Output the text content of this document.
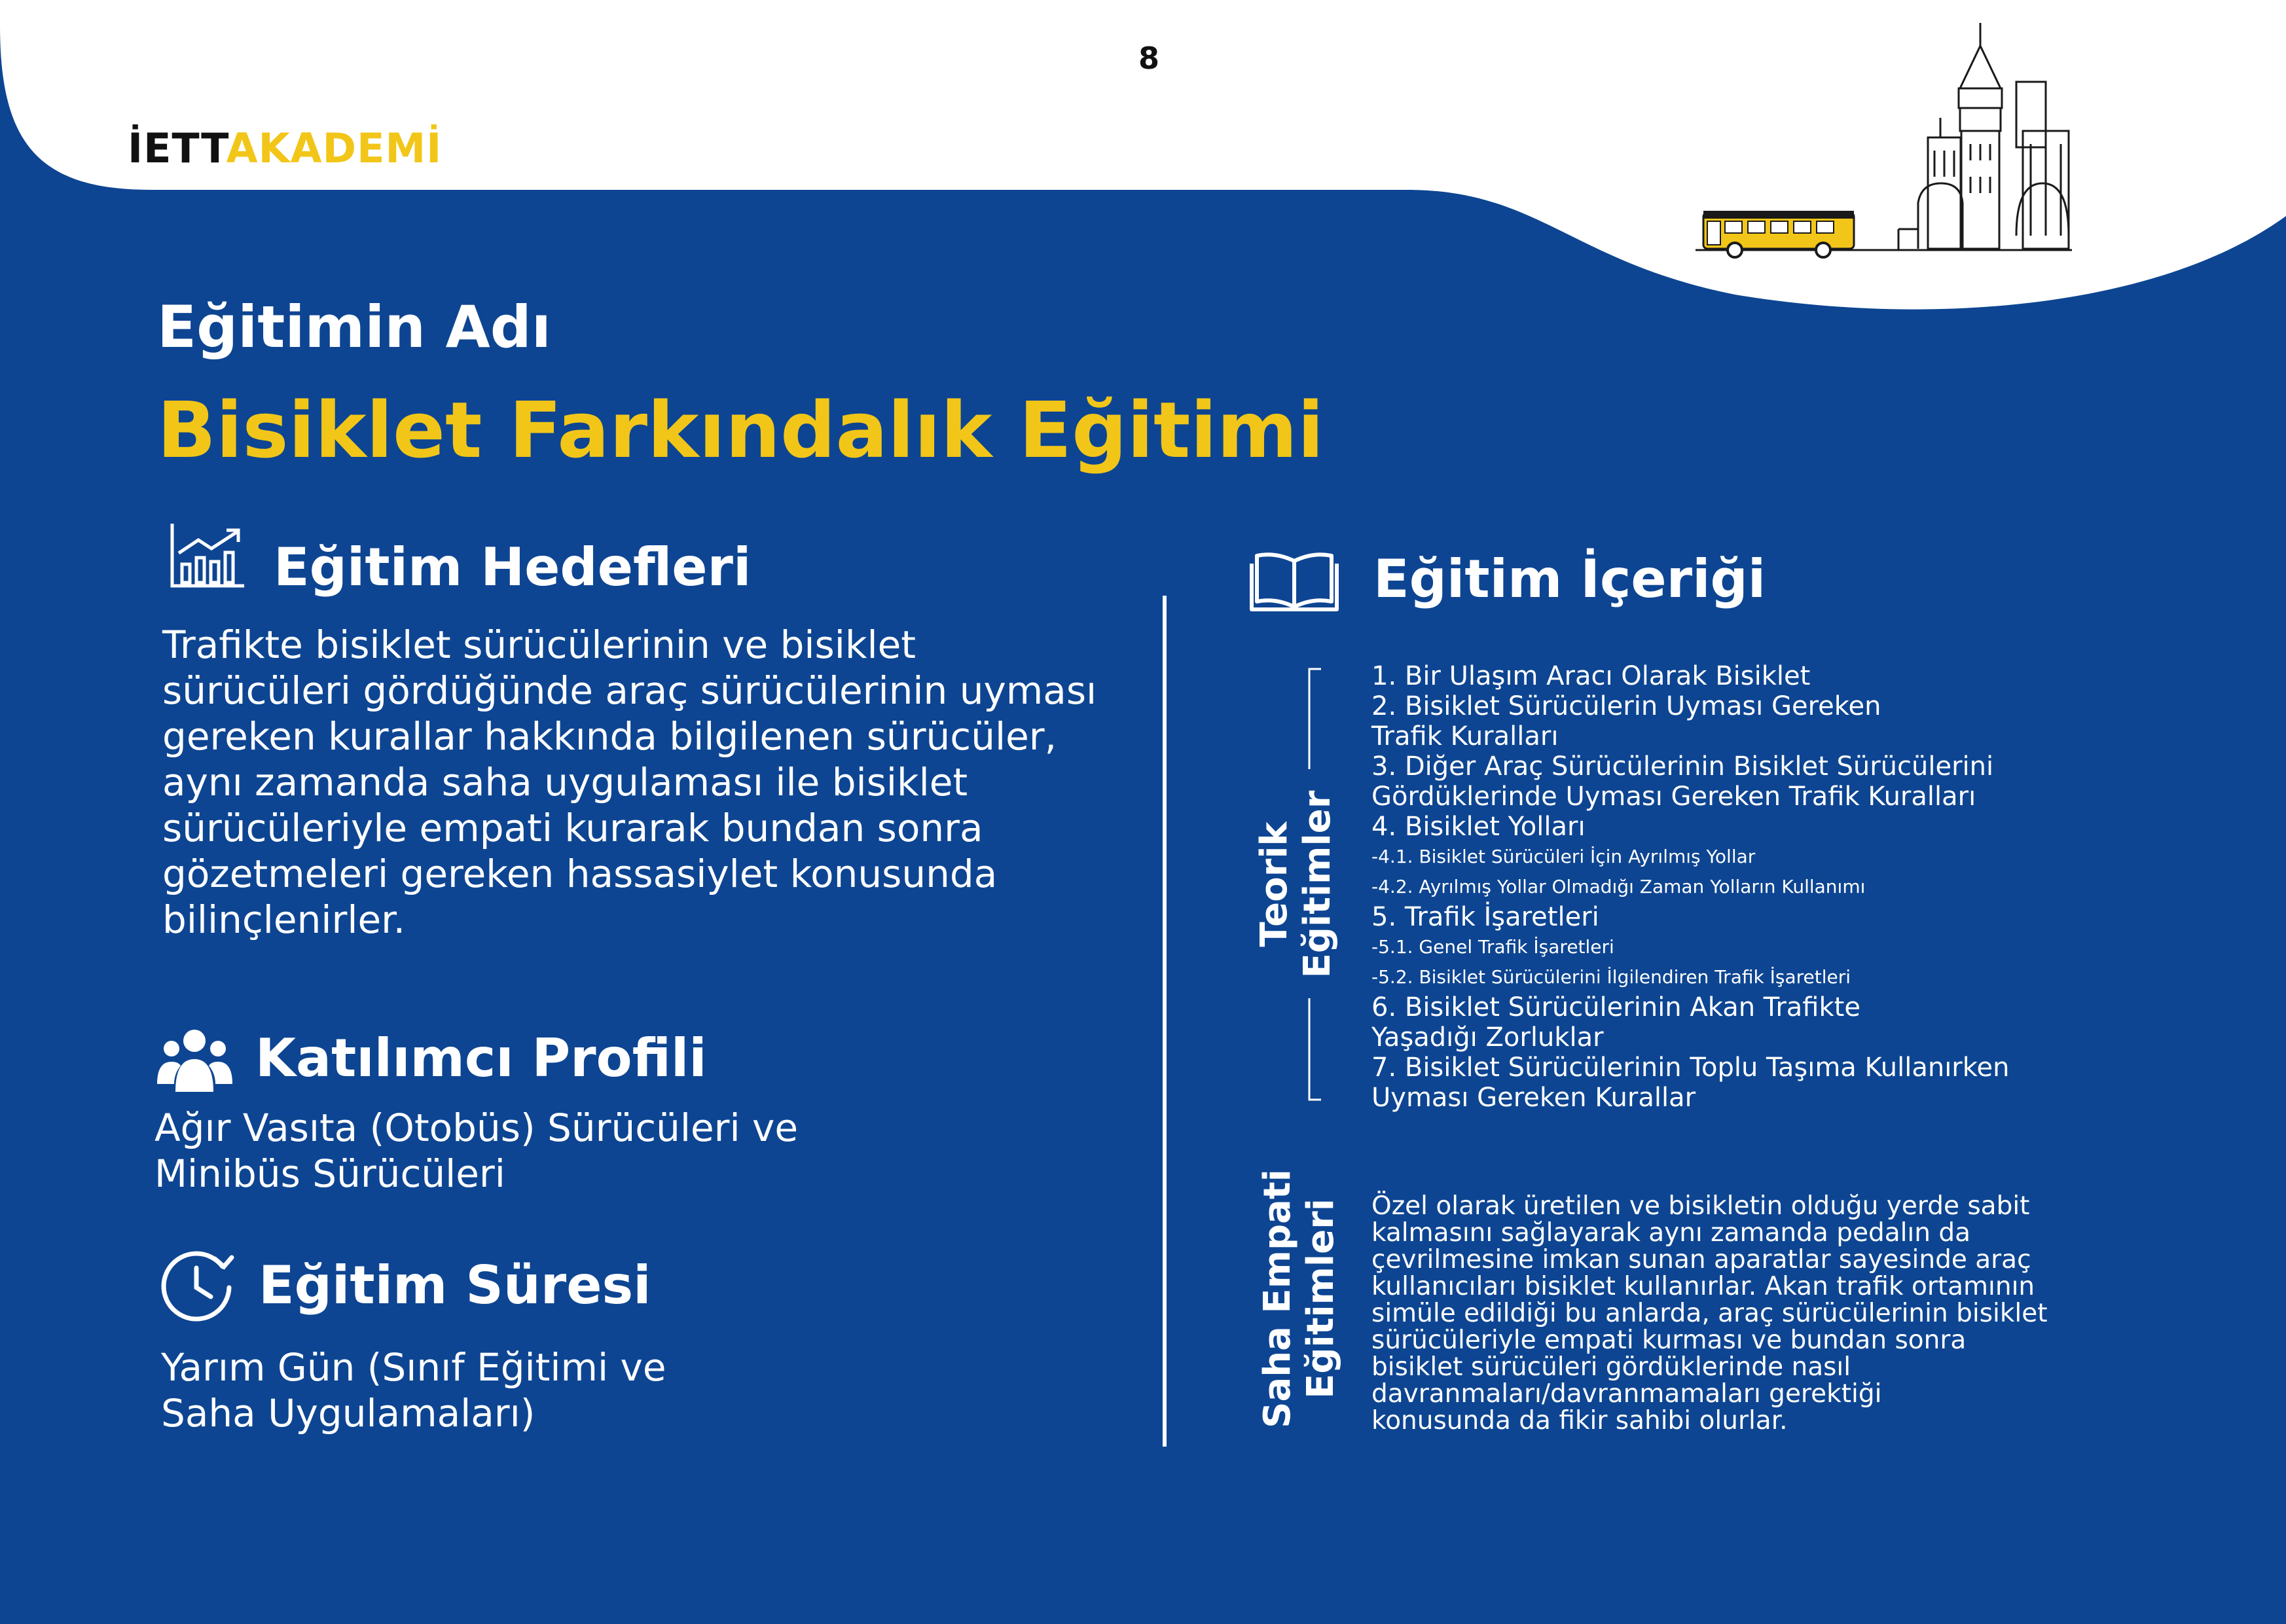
8
İETTAKADEMİ
Eğitimin Adı
Bisiklet Farkındalık Eğitimi
Eğitim Hedefleri
Trafikte bisiklet sürücülerinin ve bisiklet
sürücüleri gördüğünde araç sürücülerinin uyması
gereken kurallar hakkında bilgilenen sürücüler,
aynı zamanda saha uygulaması ile bisiklet
sürücüleriyle empati kurarak bundan sonra
gözetmeleri gereken hassasiylet konusunda
bilinçlenirler.
Katılımcı Profili
Ağır Vasıta (Otobüs) Sürücüleri ve
Minibüs Sürücüleri
Eğitim Süresi
Yarım Gün (Sınıf Eğitimi ve
Saha Uygulamaları)
Eğitim İçeriği
Teorik Eğitimler
1. Bir Ulaşım Aracı Olarak Bisiklet
2. Bisiklet Sürücülerin Uyması Gereken
Trafik Kuralları
3. Diğer Araç Sürücülerinin Bisiklet Sürücülerini
Gördüklerinde Uyması Gereken Trafik Kuralları
4. Bisiklet Yolları
-4.1. Bisiklet Sürücüleri İçin Ayrılmış Yollar
-4.2. Ayrılmış Yollar Olmadığı Zaman Yolların Kullanımı
5. Trafik İşaretleri
-5.1. Genel Trafik İşaretleri
-5.2. Bisiklet Sürücülerini İlgilendiren Trafik İşaretleri
6. Bisiklet Sürücülerinin Akan Trafikte
Yaşadığı Zorluklar
7. Bisiklet Sürücülerinin Toplu Taşıma Kullanırken
Uyması Gereken Kurallar
Saha Empati Eğitimleri Özel olarak üretilen ve bisikletin olduğu yerde sabit
kalmasını sağlayarak aynı zamanda pedalın da
çevrilmesine imkan sunan aparatlar sayesinde araç
kullanıcıları bisiklet kullanırlar. Akan trafik ortamının
simüle edildiği bu anlarda, araç sürücülerinin bisiklet
sürücüleriyle empati kurması ve bundan sonra
bisiklet sürücüleri gördüklerinde nasıl
davranmaları/davranmamaları gerektiği
konusunda da fikir sahibi olurlar.
